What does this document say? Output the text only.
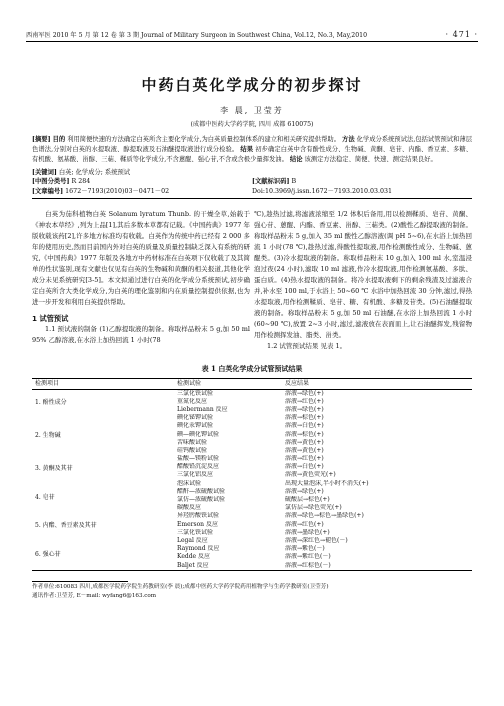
西南军医 2010 年 5 月 第 12 卷 第 3 期 Journal of Military Surgeon in Southwest China, Vol.12, No.3, May,2010	· 471 ·
中药白英化学成分的初步探讨
李 晨, 卫莹芳
(成都中医药大学药学院, 四川 成都 610075)
[摘要] 目的 利用简便快速的方法确定白英所含主要化学成分,为白英质量控制体系的建立和相关研究提供帮助。 方法 化学成分系统预试法,包括试管预试和薄层色谱法,分别对白英的水提取液、醇提取液及石油醚提取液进行成分检验。 结果 初步确定白英中含有酚性成分、生物碱、黄酮、皂苷、内酯、香豆素、多糖、有机酸、氨基酸、甾醇、三萜、鞣质等化学成分,不含蒽醌、强心苷,不含或含极少量挥发油。 结论 该测定方法稳定、简便、快速、测定结果良好。
[关键词] 白英; 化学成分; 系统预试
[中图分类号] R 284
[文章编号] 1672－7193(2010)03－0471－02
[文献标识码] B
Doi:10.3969/j.issn.1672－7193.2010.03.031
白英为茄科植物白英 Solanum lyratum Thunb. 的干燥全草,始载于《神农本草经》,列为上品[1],其后多数本草都有记载。《中国药典》1977 年版收载该药[2],许多地方标准均有收载。白英作为传统中药已经有 2 000 多年的使用历史,然而目前国内外对白英的质量及质量控制缺乏深入有系统的研究,《中国药典》1977 年版及各地方中药材标准在白英项下仅收载了及其简单的性状鉴别,现有文献也仅见有白英的生物碱和黄酮的相关报道,其他化学成分未见系统研究[3-5]。本文拟通过进行白英的化学成分系统预试,初步确定白英所含大类化学成分,为白英的理化鉴别和内在质量控制提供依据,也为进一步开发和利用白英提供帮助。
1 试管预试
1.1 预试液的制备 (1)乙醇提取液的制备。称取样品粉末 5 g,加 50 ml 95% 乙醇溶液,在水浴上加热回流 1 小时(78
℃),趁热过滤,将滤液浓缩至 1/2 体积后备用,用以检测鞣质、皂苷、黄酮、强心苷、蒽醌、内酯、香豆素、甾醇、三萜类。(2)酸性乙醇提取液的制备。称取样品粉末 5 g,加入 35 ml 酸性乙醇溶液(调 pH 5~6),在水浴上加热回流 1 小时(78 ℃),趁热过滤,得酸性提取液,用作检测酸性成分、生物碱、蒽醌类。(3)冷水提取液的制备。称取样品粉末 10 g,加入 100 ml 水,室温浸泡过夜(24 小时),滤取 10 ml 滤液,作冷水提取液,用作检测氨基酸、多肽、蛋白质。(4)热水提取液的制备。将冷水提取液剩下的剩余残渣及过滤液合并,补水至 100 ml,于水浴上 50~60 ℃ 水浴中加热回流 30 分钟,滤过,得热水提取液,用作检测鞣质、皂苷、糖、有机酸、多糖及苷类。(5)石油醚提取液的制备。称取样品粉末 5 g,加 50 ml 石油醚,在水浴上加热回流 1 小时(60~90 ℃),放置 2~3 小时,滤过,滤液放在表面皿上,让石油醚挥发,残留物用作检测挥发油、脂类、甾类。
1.2 试管预试结果 见表 1。
表 1 白英化学成分试管预试结果
检测项目	检测试验	反应结果
1. 酚性成分
三氯化铁试验	溶液→绿色(+)
重氮化反应	溶液→红色(+)
Liebermann 反应	溶液→绿色(+)
2. 生物碱
碘化铋钾试验	溶液→棕色(+)
碘化汞钾试验	溶液→白色(+)
碘—碘化钾试验	溶液→棕色(+)
苦味酸试验	溶液→黄色(+)
硅钨酸试验	溶液→黄色(+)
3. 黄酮及其苷
盐酸—镁粉试验	溶液→红色(+)
醋酸铅沉淀反应	溶液→白色(+)
三氯化铝反应	溶液→黄色荧光(+)
4. 皂苷
泡沫试验	出现大量泡沫,半小时不消失(+)
醋酐—浓硫酸试验	溶液→绿色(+)
氯仿—浓硫酸试验	硫酸层→棕色(+)
碳酸反应	氯仿层→绿色荧光(+)
5. 内酯、香豆素及其苷
异羟肟酸铁试验	溶液→绿色→棕色→墨绿色(+)
Emerson 反应	溶液→红色(+)
三氯化铁试验	溶液→墨绿色(+)
6. 强心苷
Legal 反应	溶液→深红色→褪色(－)
Raymond 反应	溶液→紫色(－)
Kedde 反应	溶液→紫红色(－)
Baljet 反应	溶液→红棕色(－)
作者单位:610083 四川,成都医学院药学院生药教研室(李 晨);成都中医药大学药学院药用植物学与生药学教研室(卫莹芳)
通讯作者:卫莹芳, E－mail: wyfang6@163.com
